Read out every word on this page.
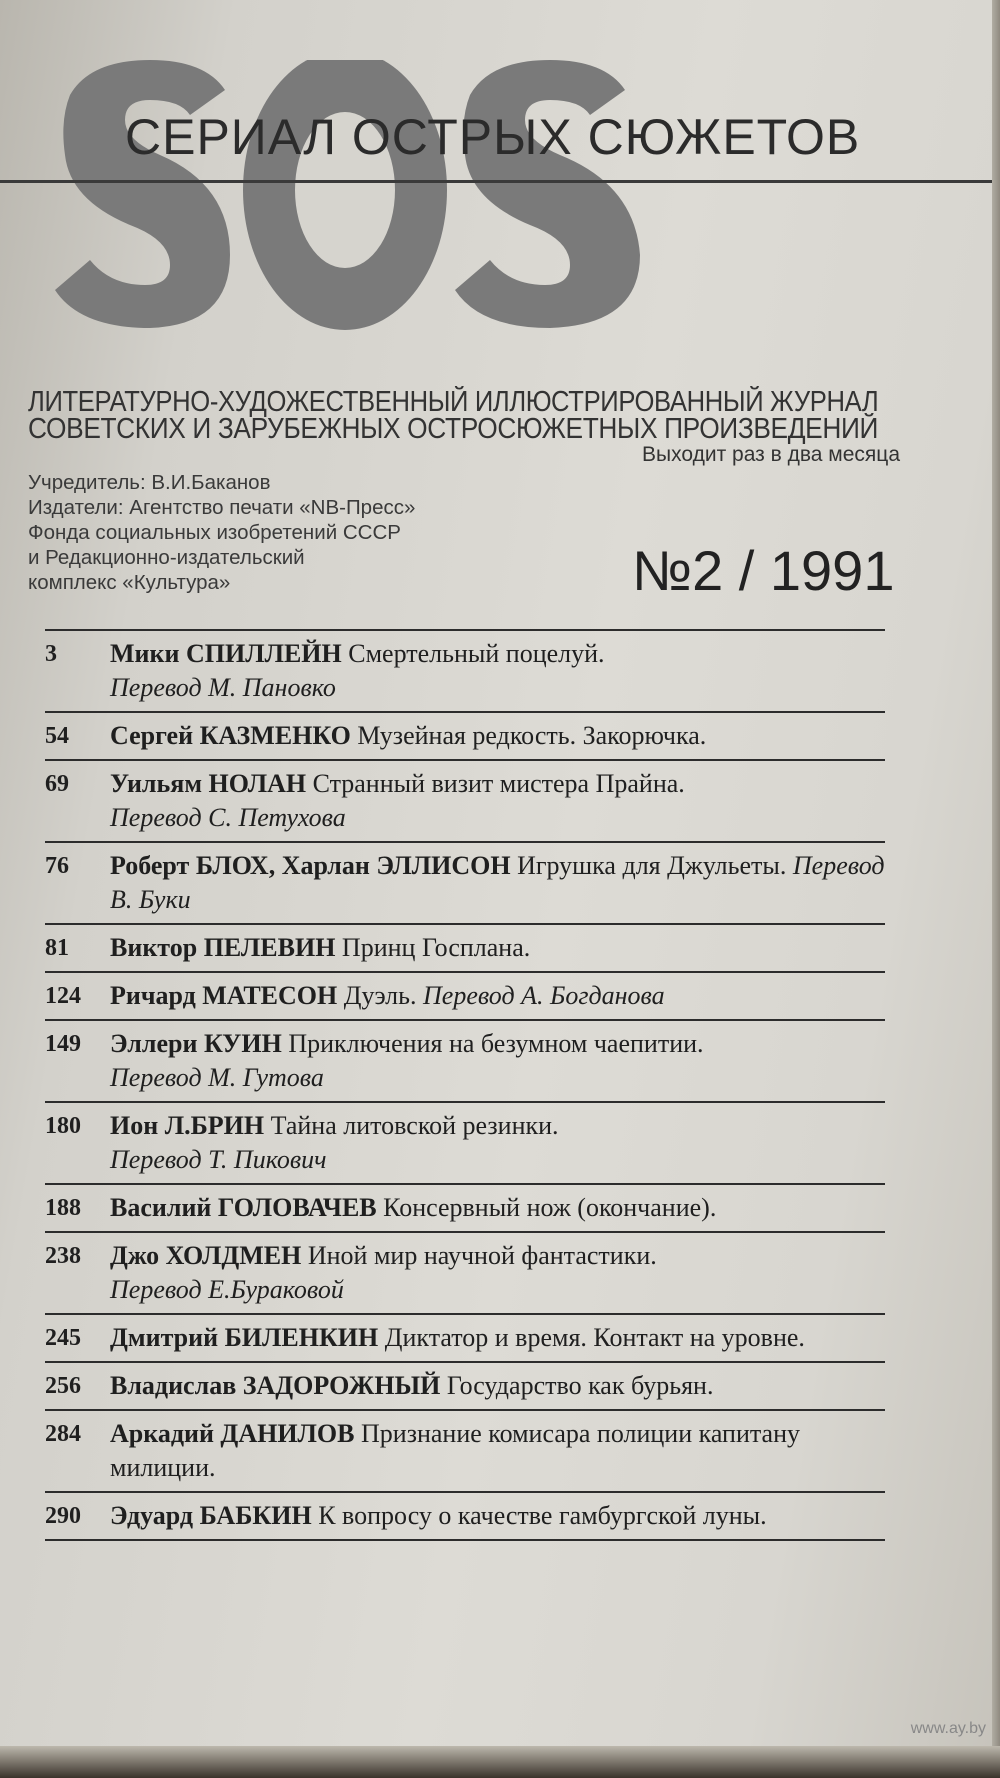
СЕРИАЛ ОСТРЫХ СЮЖЕТОВ
ЛИТЕРАТУРНО-ХУДОЖЕСТВЕННЫЙ ИЛЛЮСТРИРОВАННЫЙ ЖУРНАЛ
СОВЕТСКИХ И ЗАРУБЕЖНЫХ ОСТРОСЮЖЕТНЫХ ПРОИЗВЕДЕНИЙ
Выходит раз в два месяца
Учредитель: В.И.Баканов
Издатели: Агентство печати «NB-Пресс»
Фонда социальных изобретений СССР
и Редакционно-издательский
комплекс «Культура»	№2 / 1991
3	Мики СПИЛЛЕЙН Смертельный поцелуй.
Перевод М. Пановко
54	Сергей КАЗМЕНКО Музейная редкость. Закорючка.
69	Уильям НОЛАН Странный визит мистера Прайна.
Перевод С. Петухова
76	Роберт БЛОХ, Харлан ЭЛЛИСОН Игрушка для Джульеты. Перевод В. Буки
81	Виктор ПЕЛЕВИН Принц Госплана.
124	Ричард МАТЕСОН Дуэль. Перевод А. Богданова
149	Эллери КУИН Приключения на безумном чаепитии.
Перевод М. Гутова
180	Ион Л.БРИН Тайна литовской резинки.
Перевод Т. Пикович
188	Василий ГОЛОВАЧЕВ Консервный нож (окончание).
238	Джо ХОЛДМЕН Иной мир научной фантастики.
Перевод Е.Бураковой
245	Дмитрий БИЛЕНКИН Диктатор и время. Контакт на уровне.
256	Владислав ЗАДОРОЖНЫЙ Государство как бурьян.
284	Аркадий ДАНИЛОВ Признание комисара полиции капитану милиции.
290	Эдуард БАБКИН К вопросу о качестве гамбургской луны.
www.ay.by
